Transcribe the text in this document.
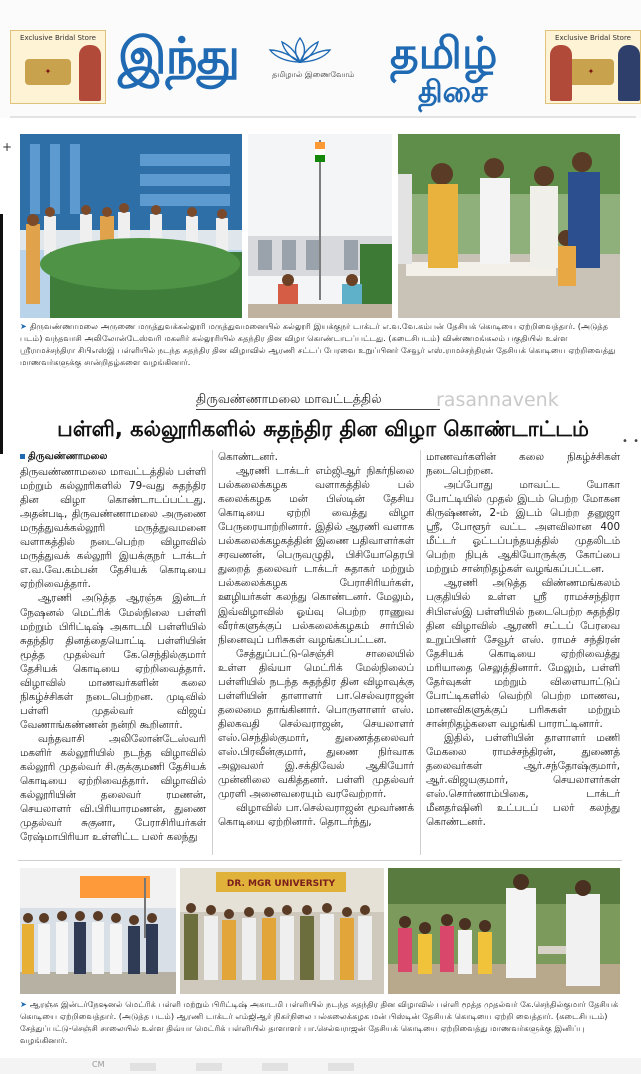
Exclusive Bridal Store
✦	இந்து	தமிழால் இணைவோம் தமிழ்
திசை
Exclusive Bridal Store
✦
+
➤ திருவண்ணாமலை அருணை மருத்துவக்கல்லூரி மருத்துவமனையில் கல்லூரி இயக்குநர் டாக்டர் எ.வ.வே.கம்பன் தேசியக் கொடியை ஏற்றிவைத்தார். (அடுத்த படம்) வந்தவாசி அலிலோன்டேஸ்வரி மகளிர் கல்லூரியில் சுதந்திர தின விழா கொண்டாடப்பட்டது. (கடைசிபடம்) விண்ணமங்கலம் பகுதியில் உள்ள ஸ்ரீராமச்சந்திரா சிபிஎஸ்இ பள்ளியில் நடந்த சுதந்திர தின விழாவில் ஆரணி சட்டப் பேரவை உறுப்பினர் சேவூர் எஸ்.ராமச்சந்திரன் தேசியக் கொடியை ஏற்றிவைத்து மாணவர்களுக்கு சான்றிதழ்களை வழங்கினார்.
திருவண்ணாமலை மாவட்டத்தில்	rasannavenk
பள்ளி, கல்லூரிகளில் சுதந்திர தின விழா கொண்டாட்டம்
• •
திருவண்ணாமலை

திருவண்ணாமலை மாவட்டத்தில் பள்ளி மற்றும் கல்லூரிகளில் 79-வது சுதந்திர தின விழா கொண்டாடப்பட்டது. அதன்படி, திருவண்ணாமலை அருணை மருத்துவக்கல்லூரி மருத்துவமனை வளாகத்தில் நடைபெற்ற விழாவில் மருத்துவக் கல்லூரி இயக்குநர் டாக்டர் எ.வ.வே.கம்பன் தேசியக் கொடியை ஏற்றிவைத்தார்.

ஆரணி அடுத்த ஆரஞ்சு இன்டர் நேஷனல் மெட்ரிக் மேல்நிலை பள்ளி மற்றும் பிரிட்டிஷ் அகாடமி பள்ளியில் சுதந்திர தினத்தையொட்டி பள்ளியின் மூத்த முதல்வர் கே.செந்தில்குமார் தேசியக் கொடியை ஏற்றிவைத்தார். விழாவில் மாணவர்களின் கலை நிகழ்ச்சிகள் நடைபெற்றன. முடிவில் பள்ளி முதல்வர் விஜய் வேணாங்கண்ணன் நன்றி கூறினார்.

வந்தவாசி அலிலோன்டேஸ்வரி மகளிர் கல்லூரியில் நடந்த விழாவில் கல்லூரி முதல்வர் சி.குக்குமணி தேசியக் கொடியை ஏற்றிவைத்தார். விழாவில் கல்லூரியின் தலைவர் ரமணன், செயலாளர் வி.பிரியாரமணன், துணை முதல்வர் சுகுனா, பேராசிரியர்கள் ரேஷ்மாபிரியா உள்ளிட்ட பலர் கலந்து

கொண்டனர்.

ஆரணி டாக்டர் எம்ஜிஆர் நிகர்நிலை பல்கலைக்கழக வளாகத்தில் பல் கலைக்கழக மன் பிஸ்டின் தேசிய கொடியை ஏற்றி வைத்து விழா பேருரையாற்றினார். இதில் ஆரணி வளாக பல்கலைக்கழகத்தின் இணை பதிவாளர்கள் சரவணன், பெருவழுதி, பிசியோதெரபி துறைத் தலைவர் டாக்டர் சுதாகர் மற்றும் பல்கலைக்கழக பேராசிரியர்கள், ஊழியர்கள் கலந்து கொண்டனர். மேலும், இவ்விழாவில் ஓய்வு பெற்ற ராணுவ வீரர்களுக்குப் பல்கலைக்கழகம் சார்பில் நினைவுப் பரிசுகள் வழங்கப்பட்டன.

சேத்துப்பட்டு-செஞ்சி சாலையில் உள்ள திவ்யா மெட்ரிக் மேல்நிலைப் பள்ளியில் நடந்த சுதந்திர தின விழாவுக்கு பள்ளியின் தாளாளர் பா.செல்வராஜன் தலைமை தாங்கினார். பொருளாளர் எஸ். திலகவதி செல்வராஜன், செயலாளர் எஸ்.செந்தில்குமார், துணைத்தலைவர் எஸ்.பிரவீன்குமார், துணை நிர்வாக அலுவலர் இ.சக்திவேல் ஆகியோர் முன்னிலை வகித்தனர். பள்ளி முதல்வர் முரளி அனைவரையும் வரவேற்றார்.

விழாவில் பா.செல்வராஜன் மூவர்ணக் கொடியை ஏற்றினார். தொடர்ந்து,

மாணவர்களின் கலை நிகழ்ச்சிகள் நடைபெற்றன.

அப்போது மாவட்ட யோகா போட்டியில் முதல் இடம் பெற்ற மோகன கிருஷ்ணன், 2-ம் இடம் பெற்ற தனுஜா ஸ்ரீ, போளூர் வட்ட அளவிலான 400 மீட்டர் ஓட்டப்பந்தயத்தில் முதலிடம் பெற்ற நிபுக் ஆகியோருக்கு கோப்பை மற்றும் சான்றிதழ்கள் வழங்கப்பட்டன.

ஆரணி அடுத்த விண்ணமங்கலம் பகுதியில் உள்ள ஸ்ரீ ராமச்சந்திரா சிபிஎஸ்இ பள்ளியில் நடைபெற்ற சுதந்திர தின விழாவில் ஆரணி சட்டப் பேரவை உறுப்பினர் சேவூர் எஸ். ராமச் சந்திரன் தேசியக் கொடியை ஏற்றிவைத்து மரியாதை செலுத்தினார். மேலும், பள்ளி தேர்வுகள் மற்றும் விளையாட்டுப் போட்டிகளில் வெற்றி பெற்ற மாணவ, மாணவிகளுக்குப் பரிசுகள் மற்றும் சான்றிதழ்களை வழங்கி பாராட்டினார்.

இதில், பள்ளியின் தாளாளர் மணி மேகலை ராமச்சந்திரன், துணைத் தலைவர்கள் ஆர்.சந்தோஷ்குமார், ஆர்.விஜயகுமார், செயலாளர்கள் எஸ்.சொர்ணாம்பிகை, டாக்டர் மீனதர்ஷினி உட்படப் பலர் கலந்து கொண்டனர்.

DR. MGR UNIVERSITY
➤ ஆரஞ்சு இன்டர்நேஷனல் மெட்ரிக் பள்ளி மற்றும் பிரிட்டிஷ் அகாடமி பள்ளியில் நடந்த சுதந்திர தின விழாவில் பள்ளி மூத்த முதல்வர் கே.செந்தில்குமார் தேசியக் கொடியை ஏற்றிவைத்தார். (அடுத்த படம்) ஆரணி டாக்டர் எம்ஜிஆர் நிகர்நிலை பல்கலைக்கழக மன் பிஸ்டின் தேசியக் கொடியை ஏற்றி வைத்தார். (கடைசிபடம்) சேத்துப்பட்டு-செஞ்சி சாலையில் உள்ள திவ்யா மெட்ரிக் பள்ளியில் தாளாளர் பா.செல்வராஜன் தேசியக் கொடியை ஏற்றிவைத்து மாணவர்களுக்கு இனிப்பு வழங்கினார்.
CM
